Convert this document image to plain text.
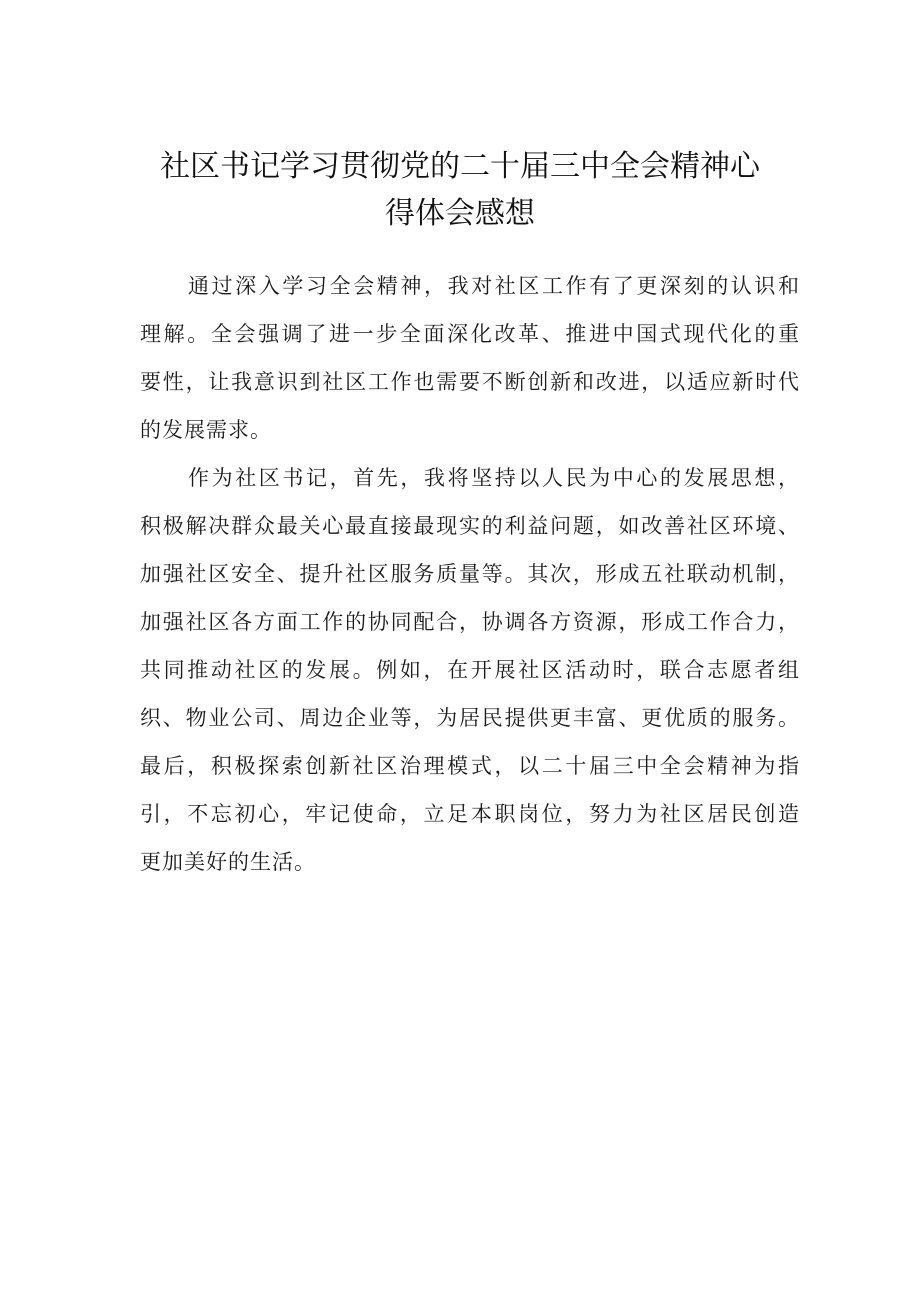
社区书记学习贯彻党的二十届三中全会精神心
得体会感想
通过深入学习全会精神，我对社区工作有了更深刻的认识和
理解。全会强调了进一步全面深化改革、推进中国式现代化的重
要性，让我意识到社区工作也需要不断创新和改进，以适应新时代
的发展需求。
作为社区书记，首先，我将坚持以人民为中心的发展思想，
积极解决群众最关心最直接最现实的利益问题，如改善社区环境、
加强社区安全、提升社区服务质量等。其次，形成五社联动机制，
加强社区各方面工作的协同配合，协调各方资源，形成工作合力，
共同推动社区的发展。例如，在开展社区活动时，联合志愿者组
织、物业公司、周边企业等，为居民提供更丰富、更优质的服务。
最后，积极探索创新社区治理模式，以二十届三中全会精神为指
引，不忘初心，牢记使命，立足本职岗位，努力为社区居民创造
更加美好的生活。
